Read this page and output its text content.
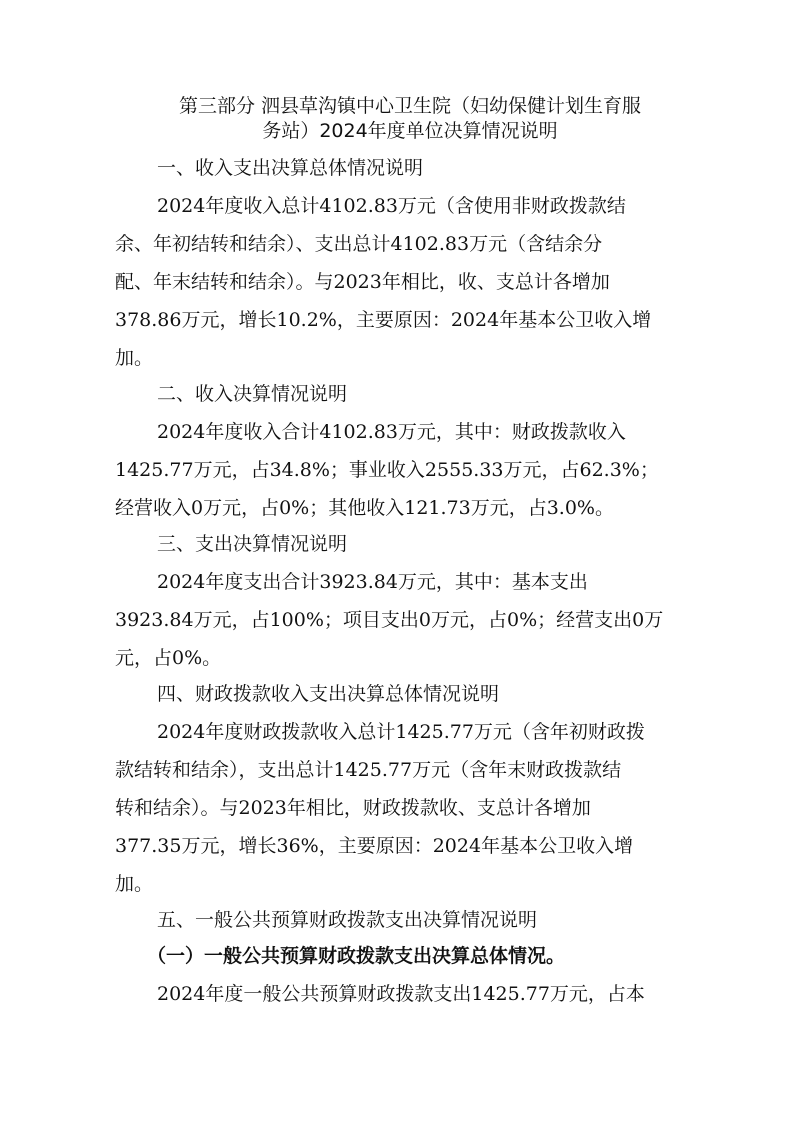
第三部分 泗县草沟镇中心卫生院（妇幼保健计划生育服
务站）2024年度单位决算情况说明
一、收入支出决算总体情况说明

2024年度收入总计4102.83万元（含使用非财政拨款结

余、年初结转和结余）、支出总计4102.83万元（含结余分

配、年末结转和结余）。与2023年相比，收、支总计各增加

378.86万元，增长10.2%，主要原因：2024年基本公卫收入增

加。

二、收入决算情况说明

2024年度收入合计4102.83万元，其中：财政拨款收入

1425.77万元，占34.8%；事业收入2555.33万元，占62.3%；

经营收入0万元，占0%；其他收入121.73万元，占3.0%。

三、支出决算情况说明

2024年度支出合计3923.84万元，其中：基本支出

3923.84万元，占100%；项目支出0万元，占0%；经营支出0万

元，占0%。

四、财政拨款收入支出决算总体情况说明

2024年度财政拨款收入总计1425.77万元（含年初财政拨

款结转和结余），支出总计1425.77万元（含年末财政拨款结

转和结余）。与2023年相比，财政拨款收、支总计各增加

377.35万元，增长36%，主要原因：2024年基本公卫收入增

加。

五、一般公共预算财政拨款支出决算情况说明
（一）一般公共预算财政拨款支出决算总体情况。

2024年度一般公共预算财政拨款支出1425.77万元，占本
